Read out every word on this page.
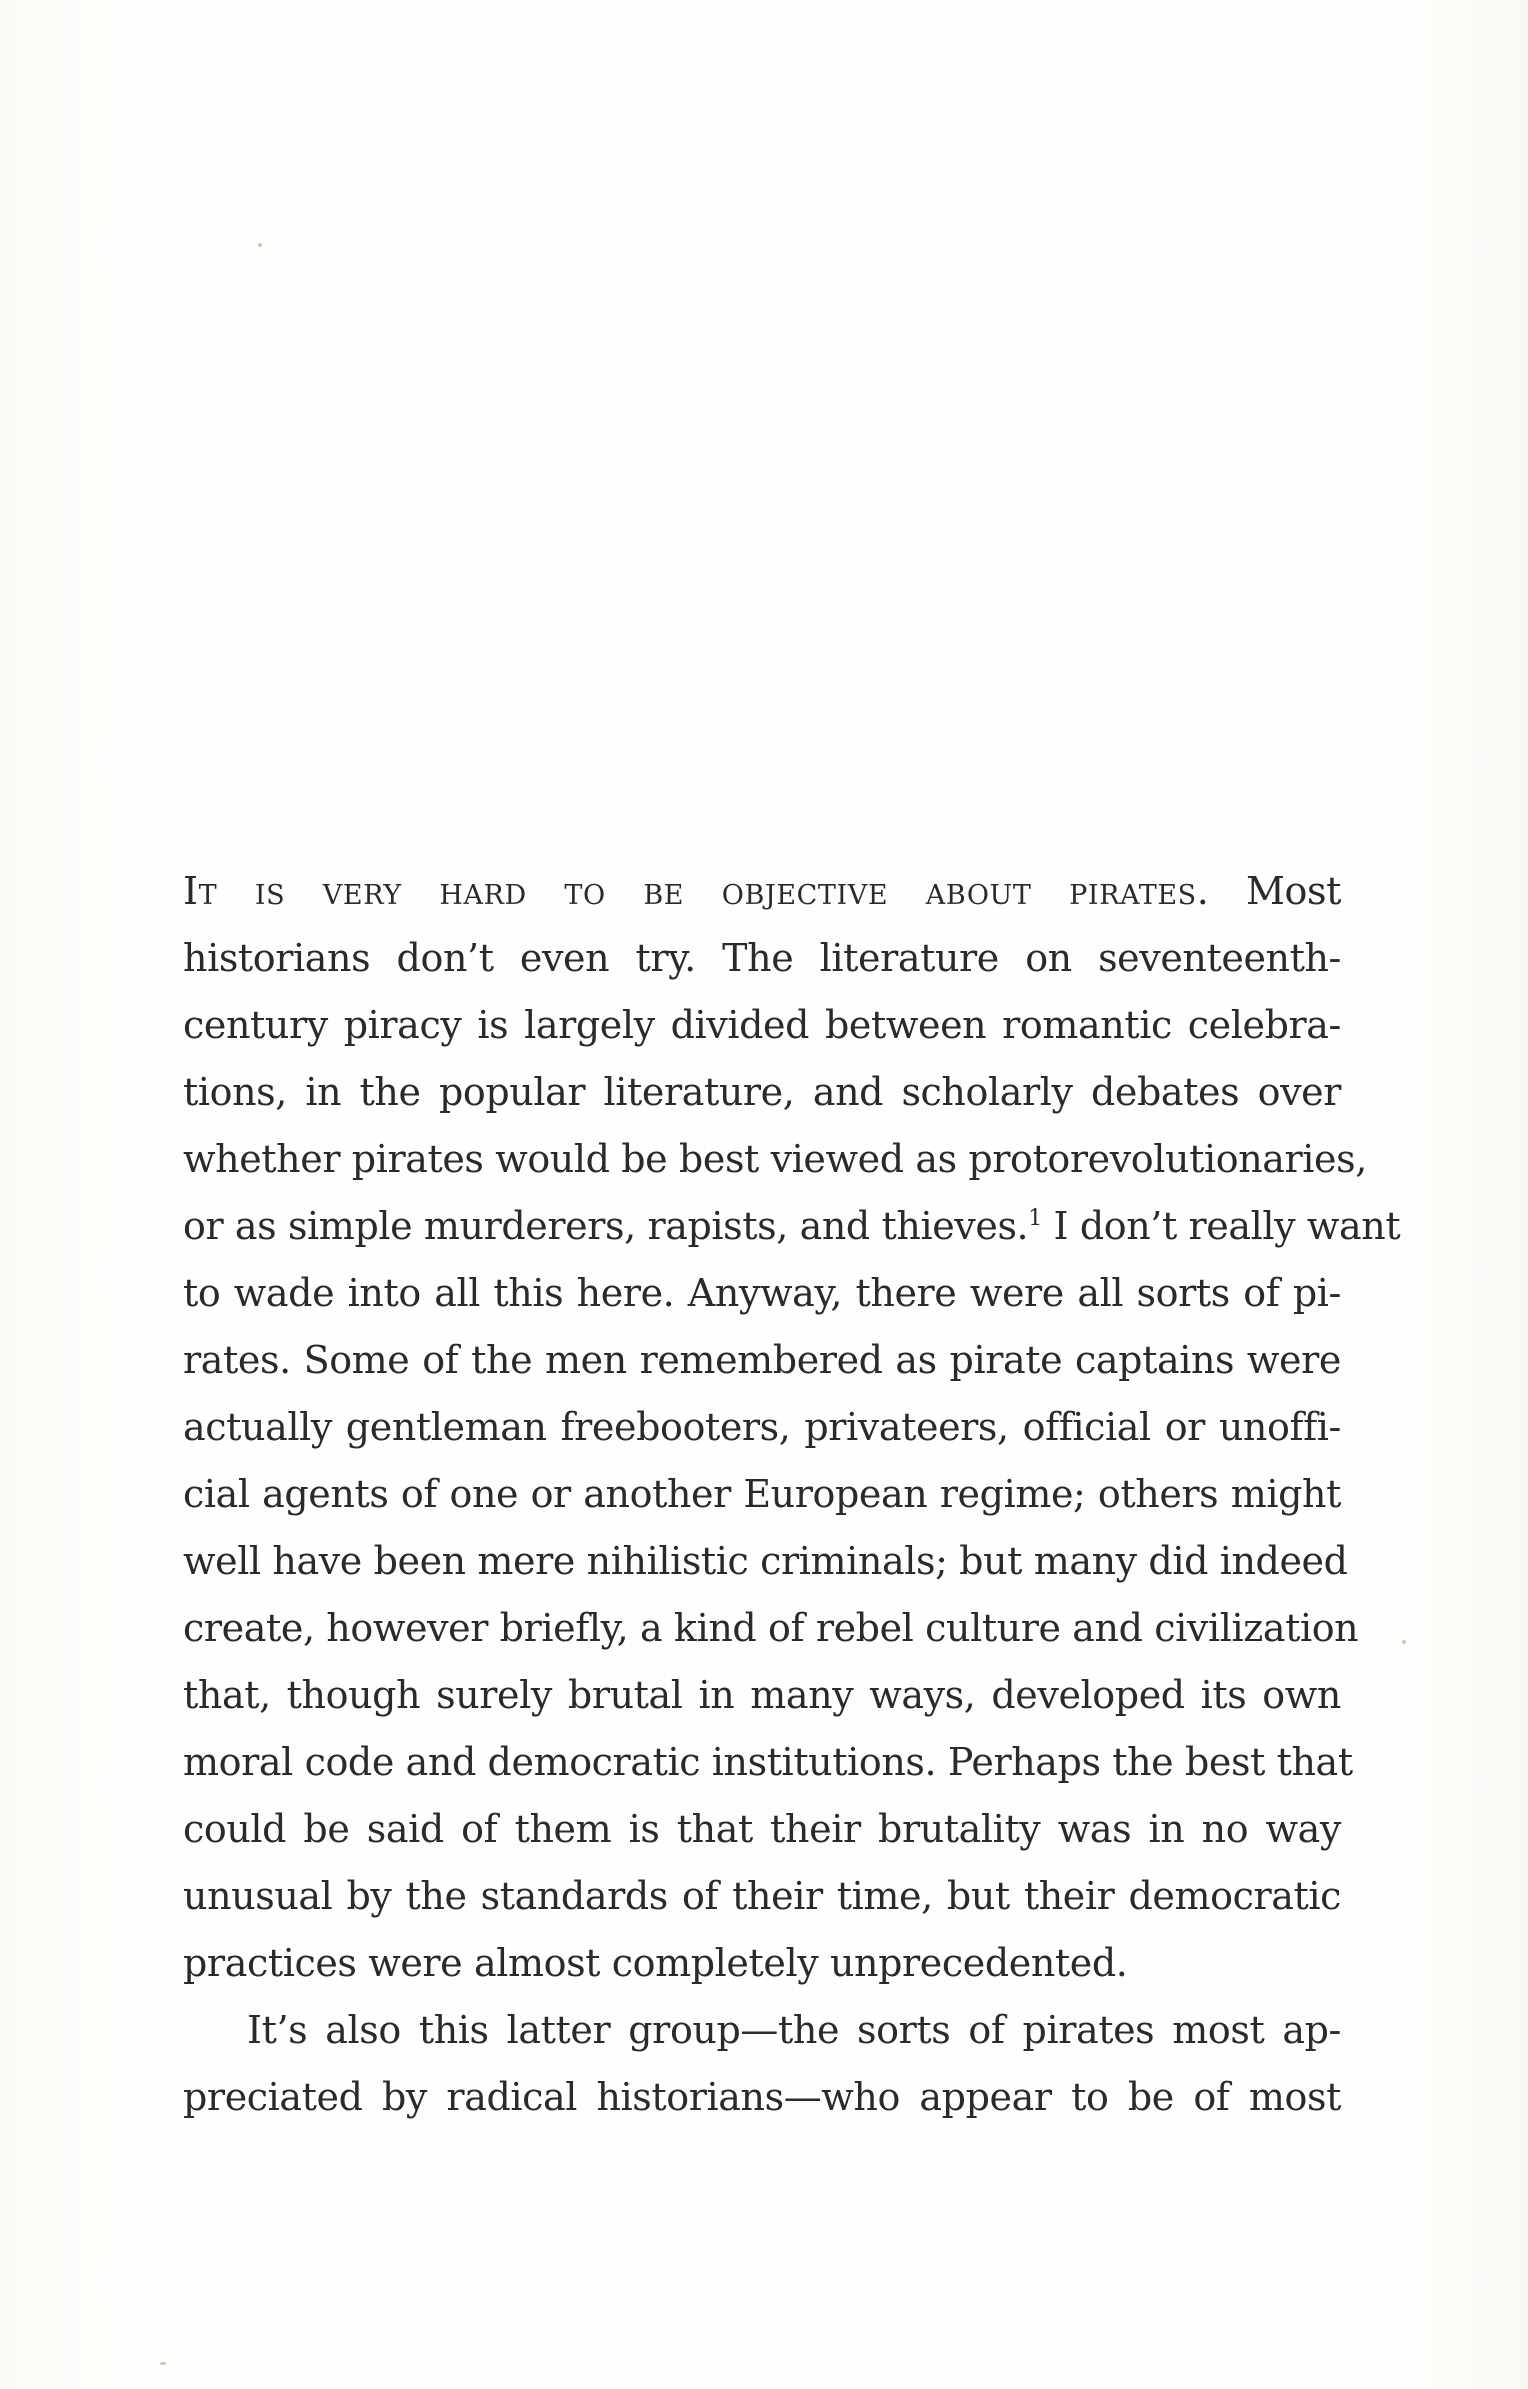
It is very hard to be objective about pirates. Most
historians don’t even try. The literature on seventeenth-
century piracy is largely divided between romantic celebra-
tions, in the popular literature, and scholarly debates over
whether pirates would be best viewed as protorevolutionaries,
or as simple murderers, rapists, and thieves.$^1$ I don’t really want
to wade into all this here. Anyway, there were all sorts of pi-
rates. Some of the men remembered as pirate captains were
actually gentleman freebooters, privateers, official or unoffi-
cial agents of one or another European regime; others might
well have been mere nihilistic criminals; but many did indeed
create, however briefly, a kind of rebel culture and civilization
that, though surely brutal in many ways, developed its own
moral code and democratic institutions. Perhaps the best that
could be said of them is that their brutality was in no way
unusual by the standards of their time, but their democratic
practices were almost completely unprecedented.
It’s also this latter group—the sorts of pirates most ap-
preciated by radical historians—who appear to be of most
